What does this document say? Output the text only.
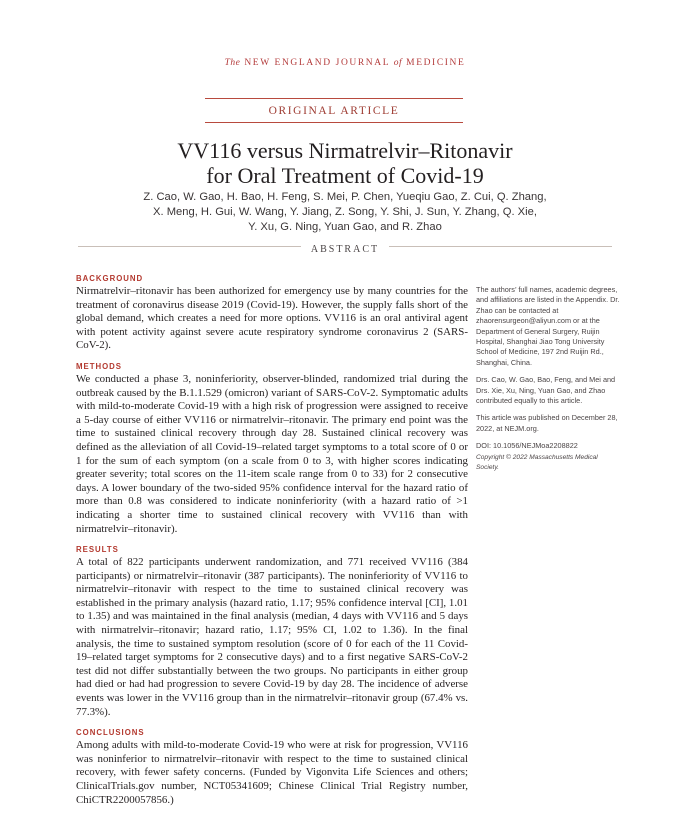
The NEW ENGLAND JOURNAL of MEDICINE
ORIGINAL ARTICLE
VV116 versus Nirmatrelvir–Ritonavir
for Oral Treatment of Covid-19
Z. Cao, W. Gao, H. Bao, H. Feng, S. Mei, P. Chen, Yueqiu Gao, Z. Cui, Q. Zhang,
X. Meng, H. Gui, W. Wang, Y. Jiang, Z. Song, Y. Shi, J. Sun, Y. Zhang, Q. Xie,
Y. Xu, G. Ning, Yuan Gao, and R. Zhao
ABSTRACT
BACKGROUND

Nirmatrelvir–ritonavir has been authorized for emergency use by many countries for the treatment of coronavirus disease 2019 (Covid-19). However, the supply falls short of the global demand, which creates a need for more options. VV116 is an oral antiviral agent with potent activity against severe acute respiratory syndrome coronavirus 2 (SARS-CoV-2).

METHODS

We conducted a phase 3, noninferiority, observer-blinded, randomized trial during the outbreak caused by the B.1.1.529 (omicron) variant of SARS-CoV-2. Symptomatic adults with mild-to-moderate Covid-19 with a high risk of progression were assigned to receive a 5-day course of either VV116 or nirmatrelvir–ritonavir. The primary end point was the time to sustained clinical recovery through day 28. Sustained clinical recovery was defined as the alleviation of all Covid-19–related target symptoms to a total score of 0 or 1 for the sum of each symptom (on a scale from 0 to 3, with higher scores indicating greater severity; total scores on the 11-item scale range from 0 to 33) for 2 consecutive days. A lower boundary of the two-sided 95% confidence interval for the hazard ratio of more than 0.8 was considered to indicate noninferiority (with a hazard ratio of >1 indicating a shorter time to sustained clinical recovery with VV116 than with nirmatrelvir–ritonavir).

RESULTS

A total of 822 participants underwent randomization, and 771 received VV116 (384 participants) or nirmatrelvir–ritonavir (387 participants). The noninferiority of VV116 to nirmatrelvir–ritonavir with respect to the time to sustained clinical recovery was established in the primary analysis (hazard ratio, 1.17; 95% confidence interval [CI], 1.01 to 1.35) and was maintained in the final analysis (median, 4 days with VV116 and 5 days with nirmatrelvir–ritonavir; hazard ratio, 1.17; 95% CI, 1.02 to 1.36). In the final analysis, the time to sustained symptom resolution (score of 0 for each of the 11 Covid-19–related target symptoms for 2 consecutive days) and to a first negative SARS-CoV-2 test did not differ substantially between the two groups. No participants in either group had died or had had progression to severe Covid-19 by day 28. The incidence of adverse events was lower in the VV116 group than in the nirmatrelvir–ritonavir group (67.4% vs. 77.3%).

CONCLUSIONS

Among adults with mild-to-moderate Covid-19 who were at risk for progression, VV116 was noninferior to nirmatrelvir–ritonavir with respect to the time to sustained clinical recovery, with fewer safety concerns. (Funded by Vigonvita Life Sciences and others; ClinicalTrials.gov number, NCT05341609; Chinese Clinical Trial Registry number, ChiCTR2200057856.)

The authors’ full names, academic degrees, and affiliations are listed in the Appendix. Dr. Zhao can be contacted at zhaorensurgeon@aliyun.com or at the Department of General Surgery, Ruijin Hospital, Shanghai Jiao Tong University School of Medicine, 197 2nd Ruijin Rd., Shanghai, China.

Drs. Cao, W. Gao, Bao, Feng, and Mei and Drs. Xie, Xu, Ning, Yuan Gao, and Zhao contributed equally to this article.

This article was published on December 28, 2022, at NEJM.org.

DOI: 10.1056/NEJMoa2208822

Copyright © 2022 Massachusetts Medical Society.
